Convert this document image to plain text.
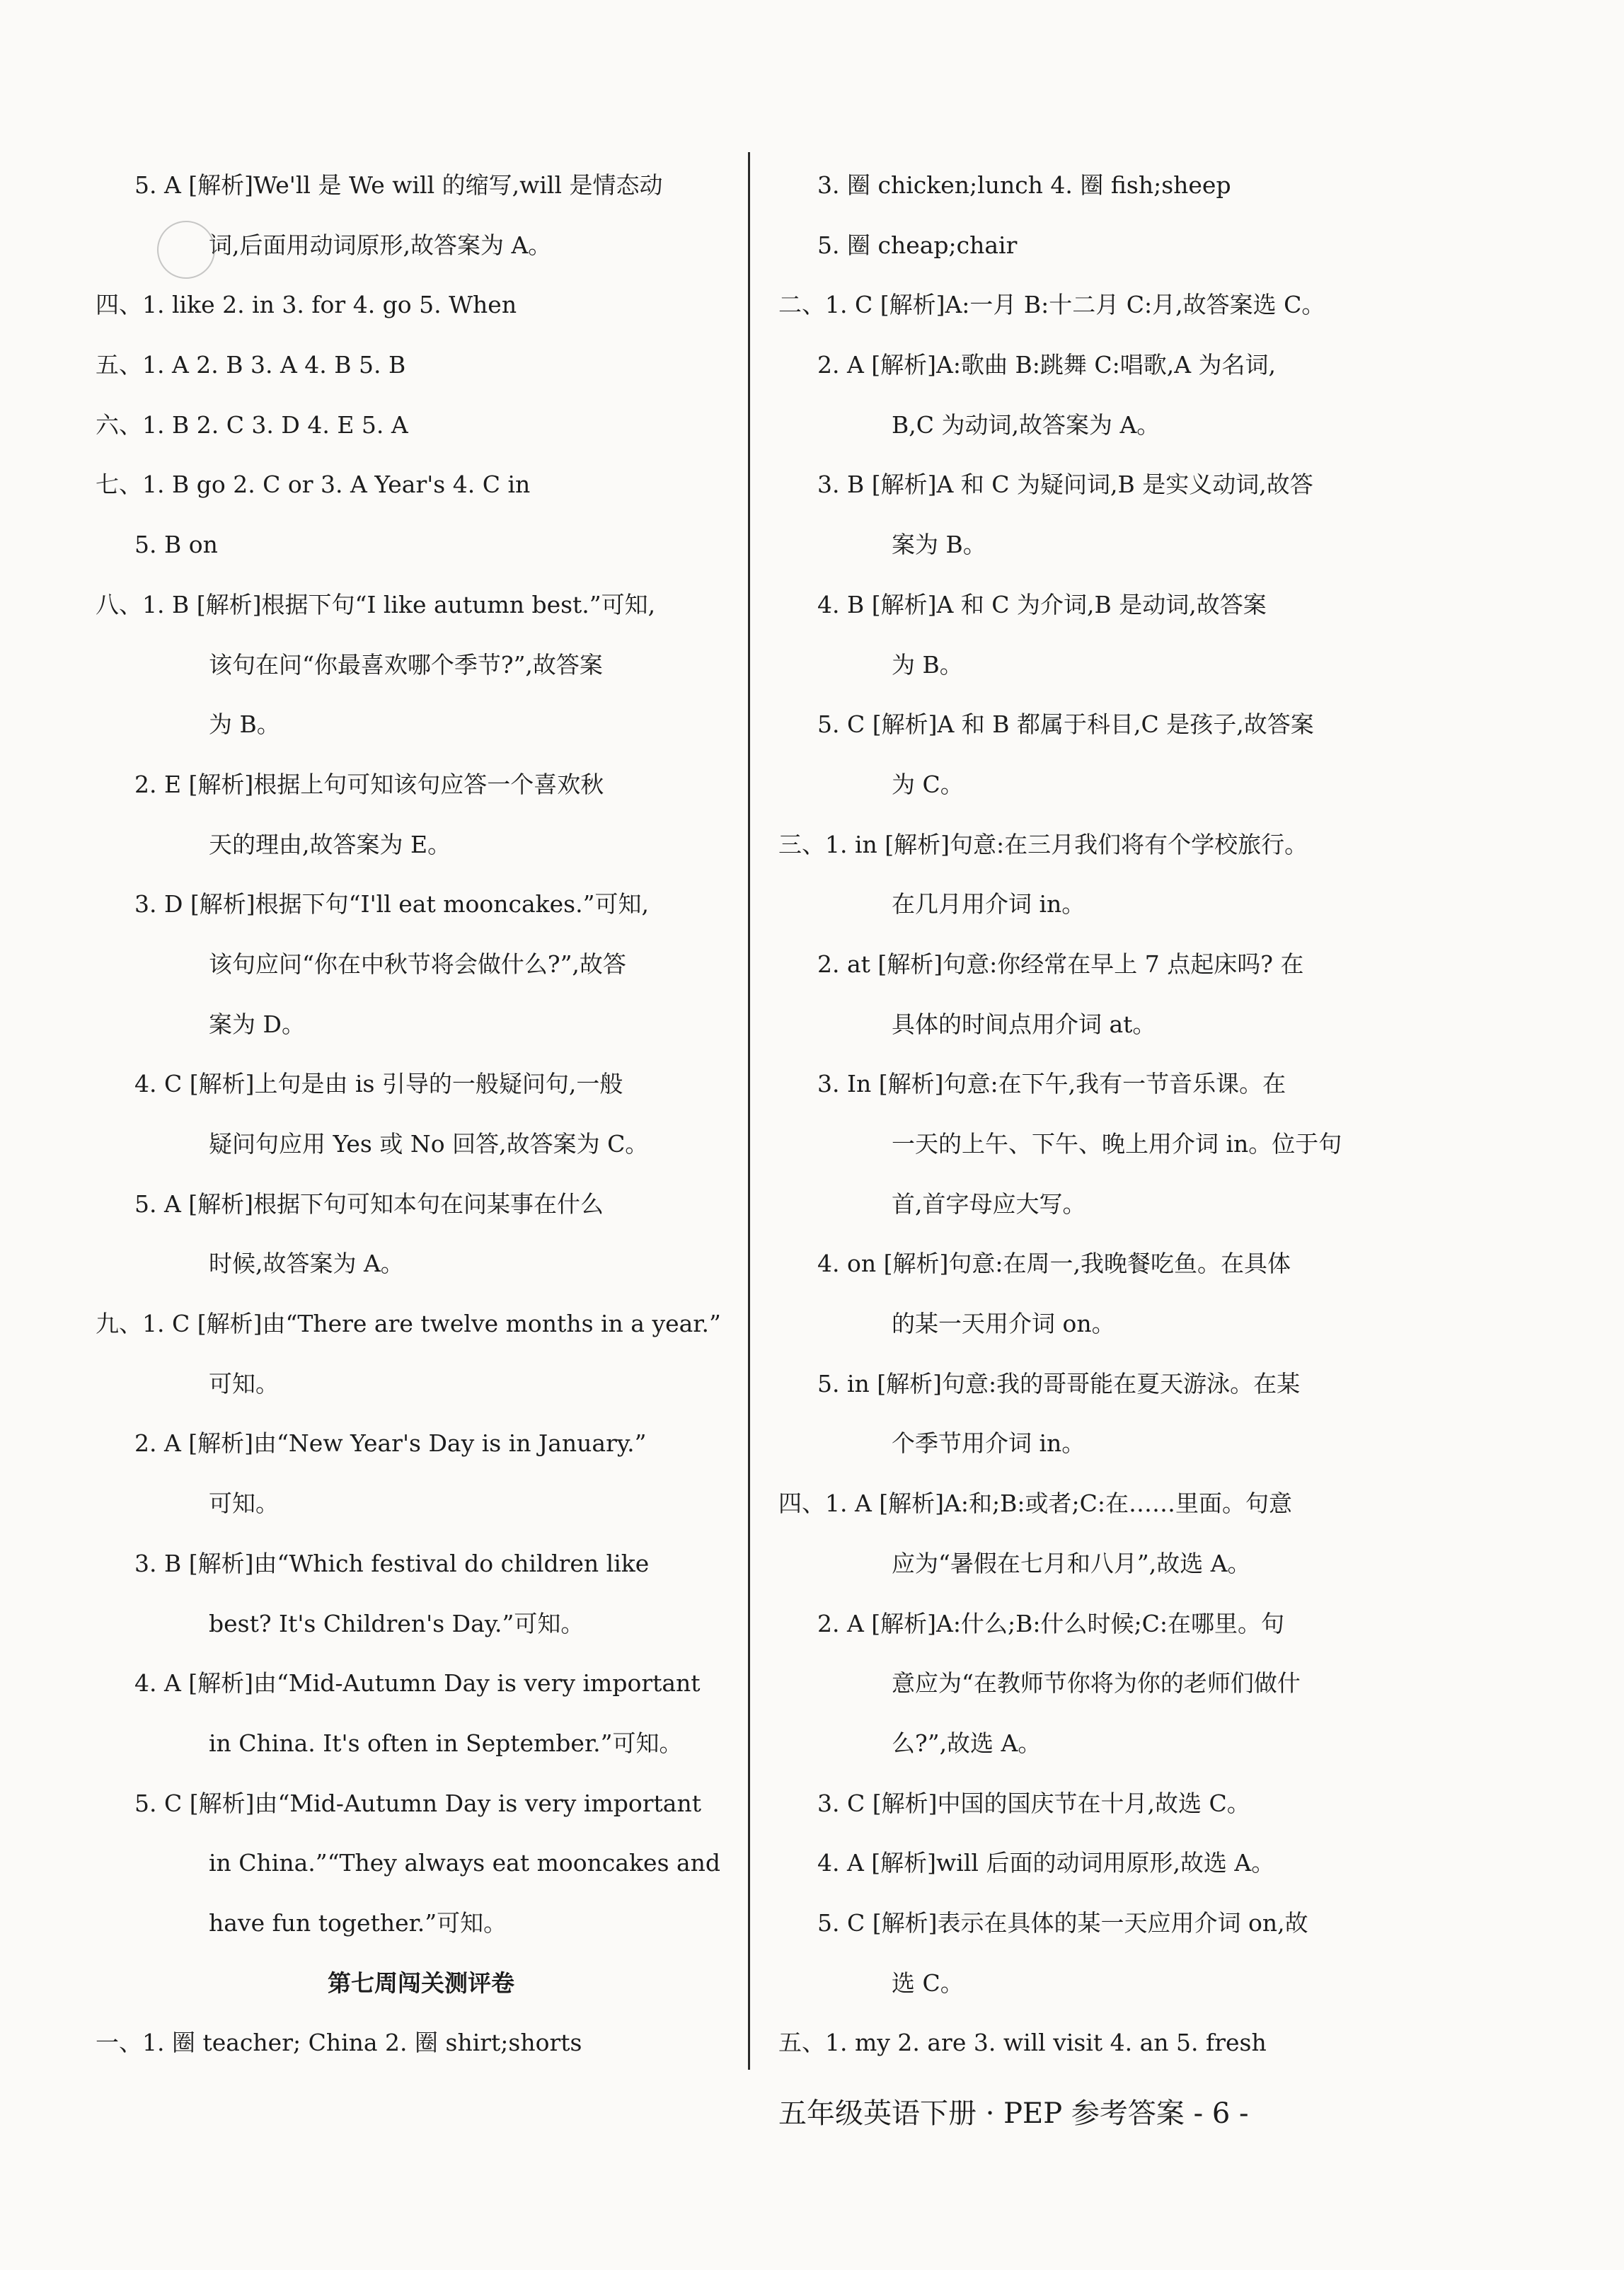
5. A [解析]We'll 是 We will 的缩写,will 是情态动
词,后面用动词原形,故答案为 A。
四、1. like 2. in 3. for 4. go 5. When
五、1. A 2. B 3. A 4. B 5. B
六、1. B 2. C 3. D 4. E 5. A
七、1. B go 2. C or 3. A Year's 4. C in
5. B on
八、1. B [解析]根据下句“I like autumn best.”可知,
该句在问“你最喜欢哪个季节?”,故答案
为 B。
2. E [解析]根据上句可知该句应答一个喜欢秋
天的理由,故答案为 E。
3. D [解析]根据下句“I'll eat mooncakes.”可知,
该句应问“你在中秋节将会做什么?”,故答
案为 D。
4. C [解析]上句是由 is 引导的一般疑问句,一般
疑问句应用 Yes 或 No 回答,故答案为 C。
5. A [解析]根据下句可知本句在问某事在什么
时候,故答案为 A。
九、1. C [解析]由“There are twelve months in a year.”
可知。
2. A [解析]由“New Year's Day is in January.”
可知。
3. B [解析]由“Which festival do children like
best? It's Children's Day.”可知。
4. A [解析]由“Mid-Autumn Day is very important
in China. It's often in September.”可知。
5. C [解析]由“Mid-Autumn Day is very important
in China.”“They always eat mooncakes and
have fun together.”可知。
第七周闯关测评卷
一、1. 圈 teacher; China 2. 圈 shirt;shorts
3. 圈 chicken;lunch 4. 圈 fish;sheep
5. 圈 cheap;chair
二、1. C [解析]A:一月 B:十二月 C:月,故答案选 C。
2. A [解析]A:歌曲 B:跳舞 C:唱歌,A 为名词,
B,C 为动词,故答案为 A。
3. B [解析]A 和 C 为疑问词,B 是实义动词,故答
案为 B。
4. B [解析]A 和 C 为介词,B 是动词,故答案
为 B。
5. C [解析]A 和 B 都属于科目,C 是孩子,故答案
为 C。
三、1. in [解析]句意:在三月我们将有个学校旅行。
在几月用介词 in。
2. at [解析]句意:你经常在早上 7 点起床吗? 在
具体的时间点用介词 at。
3. In [解析]句意:在下午,我有一节音乐课。在
一天的上午、下午、晚上用介词 in。位于句
首,首字母应大写。
4. on [解析]句意:在周一,我晚餐吃鱼。在具体
的某一天用介词 on。
5. in [解析]句意:我的哥哥能在夏天游泳。在某
个季节用介词 in。
四、1. A [解析]A:和;B:或者;C:在……里面。句意
应为“暑假在七月和八月”,故选 A。
2. A [解析]A:什么;B:什么时候;C:在哪里。句
意应为“在教师节你将为你的老师们做什
么?”,故选 A。
3. C [解析]中国的国庆节在十月,故选 C。
4. A [解析]will 后面的动词用原形,故选 A。
5. C [解析]表示在具体的某一天应用介词 on,故
选 C。
五、1. my 2. are 3. will visit 4. an 5. fresh
五年级英语下册 · PEP 参考答案 - 6 -
